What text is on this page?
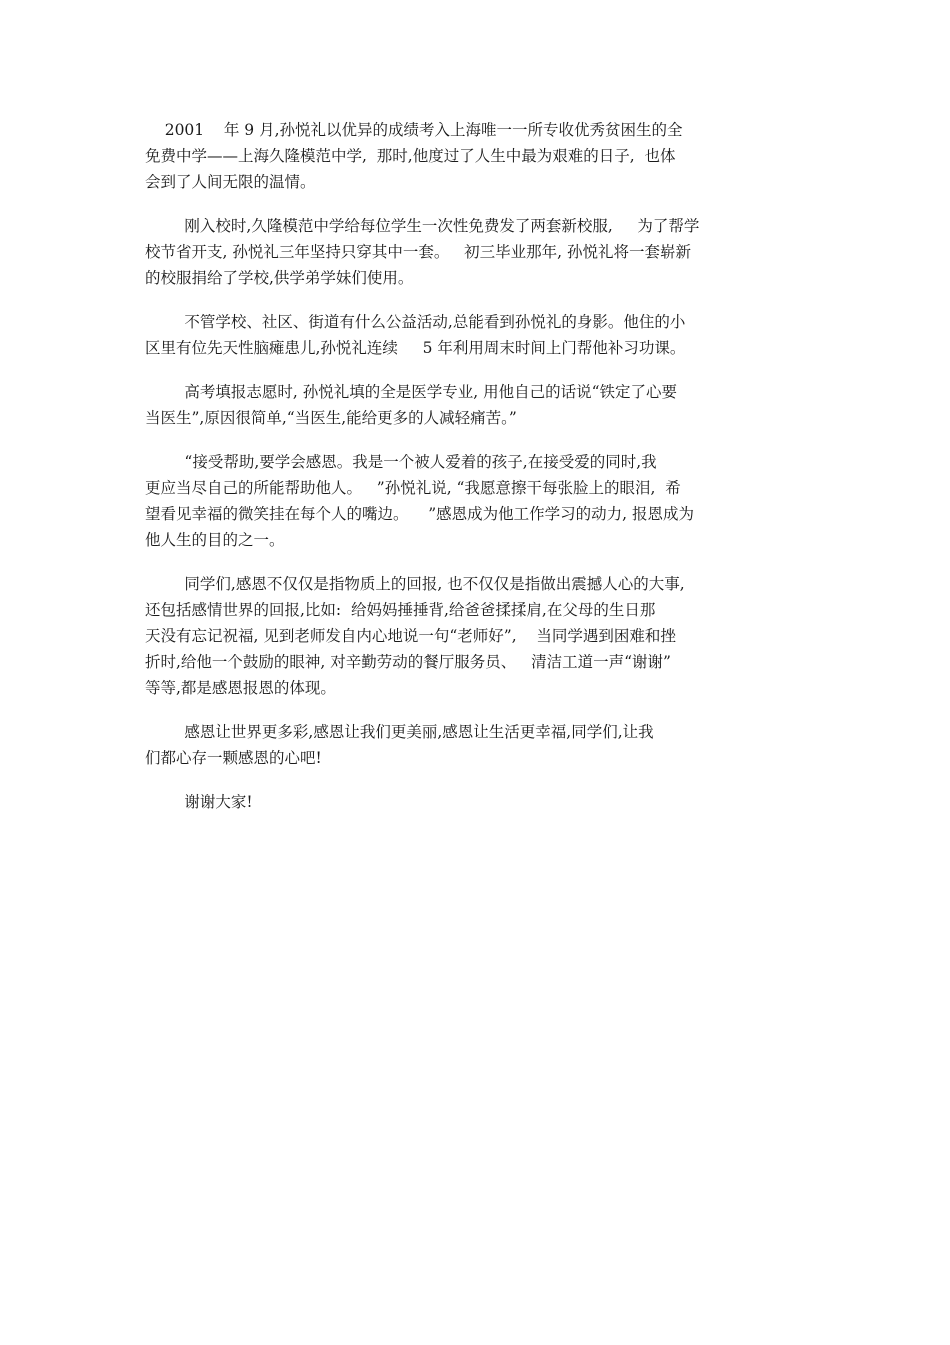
2001    年 9 月,孙悦礼以优异的成绩考入上海唯一一所专收优秀贫困生的全
免费中学——上海久隆模范中学,  那时,他度过了人生中最为艰难的日子,  也体
会到了人间无限的温情。

刚入校时,久隆模范中学给每位学生一次性免费发了两套新校服,     为了帮学
校节省开支, 孙悦礼三年坚持只穿其中一套。   初三毕业那年, 孙悦礼将一套崭新
的校服捐给了学校,供学弟学妹们使用。

不管学校、社区、街道有什么公益活动,总能看到孙悦礼的身影。他住的小
区里有位先天性脑瘫患儿,孙悦礼连续     5 年利用周末时间上门帮他补习功课。

高考填报志愿时, 孙悦礼填的全是医学专业, 用他自己的话说“铁定了心要
当医生”,原因很简单,“当医生,能给更多的人减轻痛苦。”

“接受帮助,要学会感恩。我是一个被人爱着的孩子,在接受爱的同时,我
更应当尽自己的所能帮助他人。   ”孙悦礼说, “我愿意擦干每张脸上的眼泪,  希
望看见幸福的微笑挂在每个人的嘴边。    ”感恩成为他工作学习的动力, 报恩成为
他人生的目的之一。

同学们,感恩不仅仅是指物质上的回报, 也不仅仅是指做出震撼人心的大事,
还包括感情世界的回报,比如:  给妈妈捶捶背,给爸爸揉揉肩,在父母的生日那
天没有忘记祝福, 见到老师发自内心地说一句“老师好”,    当同学遇到困难和挫
折时,给他一个鼓励的眼神, 对辛勤劳动的餐厅服务员、   清洁工道一声“谢谢”
等等,都是感恩报恩的体现。

感恩让世界更多彩,感恩让我们更美丽,感恩让生活更幸福,同学们,让我
们都心存一颗感恩的心吧!

谢谢大家!
